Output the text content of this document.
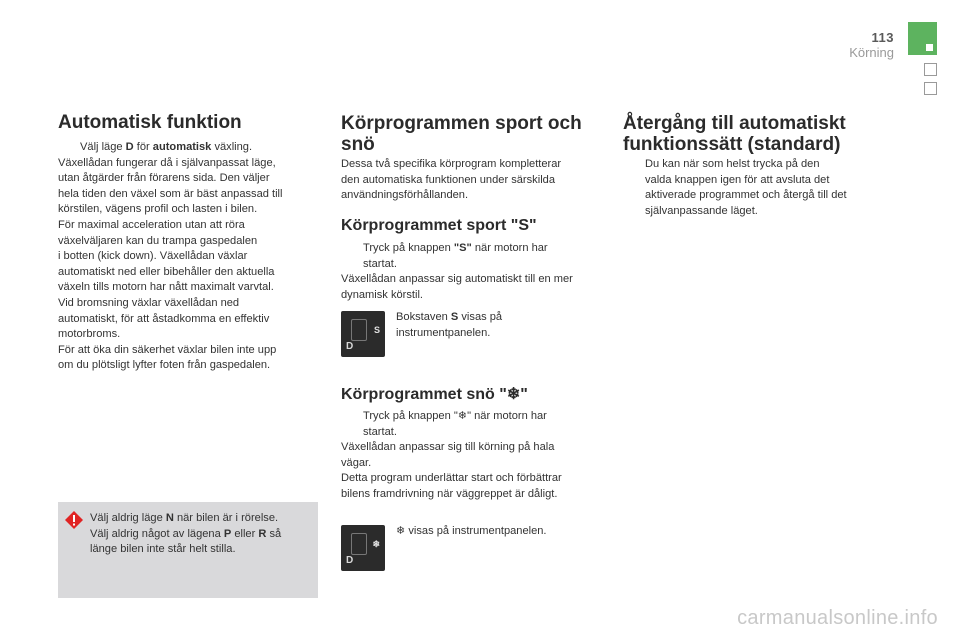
113
Körning
Automatisk funktion
Välj läge D för automatisk växling.
Växellådan fungerar då i självanpassat läge,
utan åtgärder från förarens sida. Den väljer
hela tiden den växel som är bäst anpassad till
körstilen, vägens profil och lasten i bilen.
För maximal acceleration utan att röra
växelväljaren kan du trampa gaspedalen
i botten (kick down). Växellådan växlar
automatiskt ned eller bibehåller den aktuella
växeln tills motorn har nått maximalt varvtal.
Vid bromsning växlar växellådan ned
automatiskt, för att åstadkomma en effektiv
motorbroms.
För att öka din säkerhet växlar bilen inte upp
om du plötsligt lyfter foten från gaspedalen.
Välj aldrig läge N när bilen är i rörelse.
Välj aldrig något av lägena P eller R så
länge bilen inte står helt stilla.
Körprogrammen sport och
snö
Dessa två specifika körprogram kompletterar
den automatiska funktionen under särskilda
användningsförhållanden.
Körprogrammet sport "S"
Tryck på knappen "S" när motorn har
startat.
Växellådan anpassar sig automatiskt till en mer
dynamisk körstil.
D
S
Bokstaven S visas på
instrumentpanelen.
Körprogrammet snö "❄"
Tryck på knappen "❄" när motorn har
startat.
Växellådan anpassar sig till körning på hala
vägar.
Detta program underlättar start och förbättrar
bilens framdrivning när väggreppet är dåligt.
D
❄
❄ visas på instrumentpanelen.
Återgång till automatiskt
funktionssätt (standard)
Du kan när som helst trycka på den
valda knappen igen för att avsluta det
aktiverade programmet och återgå till det
självanpassande läget.
carmanualsonline.info
